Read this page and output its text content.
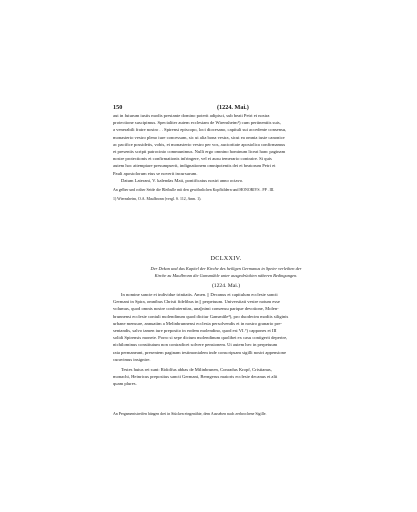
150	(1224. Mai.)
aut in futurum iustis modis prestante domino poterit adipisci, sub beati Petri et nostra
protectione suscipimus. Specialiter autem ecclesiam de Wirensheim¹) cum pertinentiis suis,
a venerabili fratre nostro . . Spirensi episcopo, loci diocesano, capituli sui accedente consensu,
monasterio vestro pleno iure concessam, sic ut alia bona vestra, sicut ea omnia iuste canonice
ac pacifice possidetis, vobis, et monasterio vestro per vos, auctoritate apostolica confirmamus
et presentis scripti patrocinio communimus. Nulli ergo omnino hominum liceat hanc paginam
nostre protectionis et confirmationis infringere, vel ei ausu temerario contraire. Si quis
autem hoc attemptare presumpserit, indignationem omnipotentis dei et beatorum Petri et
Pauli apostolorum eius se noverit incursurum.
Datum Laterani, V. kalendas Maii, pontificatus nostri anno octavo.
An gelber und rother Seide die Bleibulle mit den gewöhnlichen Kopfbildern und HONORIVS . PP . III.
1) Wiernsheim, O.A. Maulbronn (vergl. S. 112, Anm. 1).
DCLXXIV.
Der Dekan und das Kapitel der Kirche des heiligen Germanus in Speier verleihen der
Kirche zu Maulbronn die Gansmühle unter ausgedrückten näheren Bedingungen.
(1224. Mai.)
In nomine sancte et individue trinitatis. Amen. || Decanus et capitulum ecclesie sancti
Germani in Spira, omnibus Christi fidelibus in || perpetuum. Universitati vestre notum esse
volumus, quod omnis nostre confraternitas, una||nimi consensu parique devotione, Molen-
brunnensi ecclesie contuli molendinum quod dicitur Gansmûle²), pro duodecim modiis siliginis
urbane mensure, annuatim a Melinbrunnensi ecclesia persolvendis et in nostro granario pre-
sentandis, salvo tamen iure preposito in eodem molendino, quod est VI.°) cappones et III
solidi Spirensis monete. Porro si sepe dictum molendinum quolibet ex casu contigerit deperire,
nichilominus constitutum non contradicet solvere pensionem. Ut autem hec in perpetuum
rata permaneant, presentem paginam testimonialem inde conscripsam sigilli nostri appensione
curavimus insignire.
Testes huius rei sunt: Ridolfus abbas de Milinbrunen, Conradus Kropf, Cristianus,
monachi, Heinricus prepositus sancti Germani, Berngerus maioris ecclesie decanus et alii
quam plures.
An Pergamentstreifen hängen drei in Stücken eingenähte, dem Aussehen nach zerbrochene Sigille.
